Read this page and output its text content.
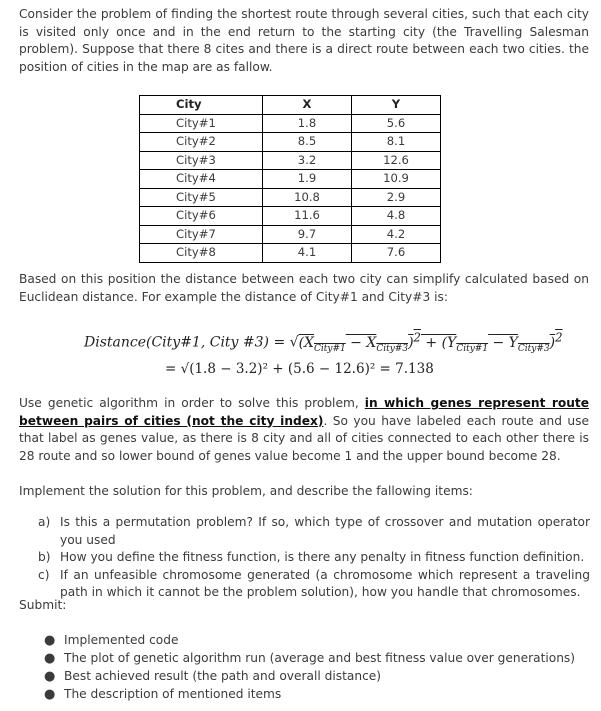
Consider the problem of finding the shortest route through several cities, such that each city is visited only once and in the end return to the starting city (the Travelling Salesman problem). Suppose that there 8 cites and there is a direct route between each two cities. the position of cities in the map are as fallow.

City	X	Y
City#1	1.8	5.6
City#2	8.5	8.1
City#3	3.2	12.6
City#4	1.9	10.9
City#5	10.8	2.9
City#6	11.6	4.8
City#7	9.7	4.2
City#8	4.1	7.6

Based on this position the distance between each two city can simplify calculated based on Euclidean distance. For example the distance of City#1 and City#3 is:

Distance(City#1, City #3) = $√(X_{City\#1} - X_{City\#3})^2 + (Y_{City\#1} - Y_{City\#3})^2$
= √(1.8 − 3.2)² + (5.6 − 12.6)² = 7.138

Use genetic algorithm in order to solve this problem, in which genes represent route between pairs of cities (not the city index). So you have labeled each route and use that label as genes value, as there is 8 city and all of cities connected to each other there is 28 route and so lower bound of genes value become 1 and the upper bound become 28.

Implement the solution for this problem, and describe the fallowing items:

a) Is this a permutation problem? If so, which type of crossover and mutation operator you used
b) How you define the fitness function, is there any penalty in fitness function definition.
c) If an unfeasible chromosome generated (a chromosome which represent a traveling path in which it cannot be the problem solution), how you handle that chromosomes.

Submit:

● Implemented code
● The plot of genetic algorithm run (average and best fitness value over generations)
● Best achieved result (the path and overall distance)
● The description of mentioned items
